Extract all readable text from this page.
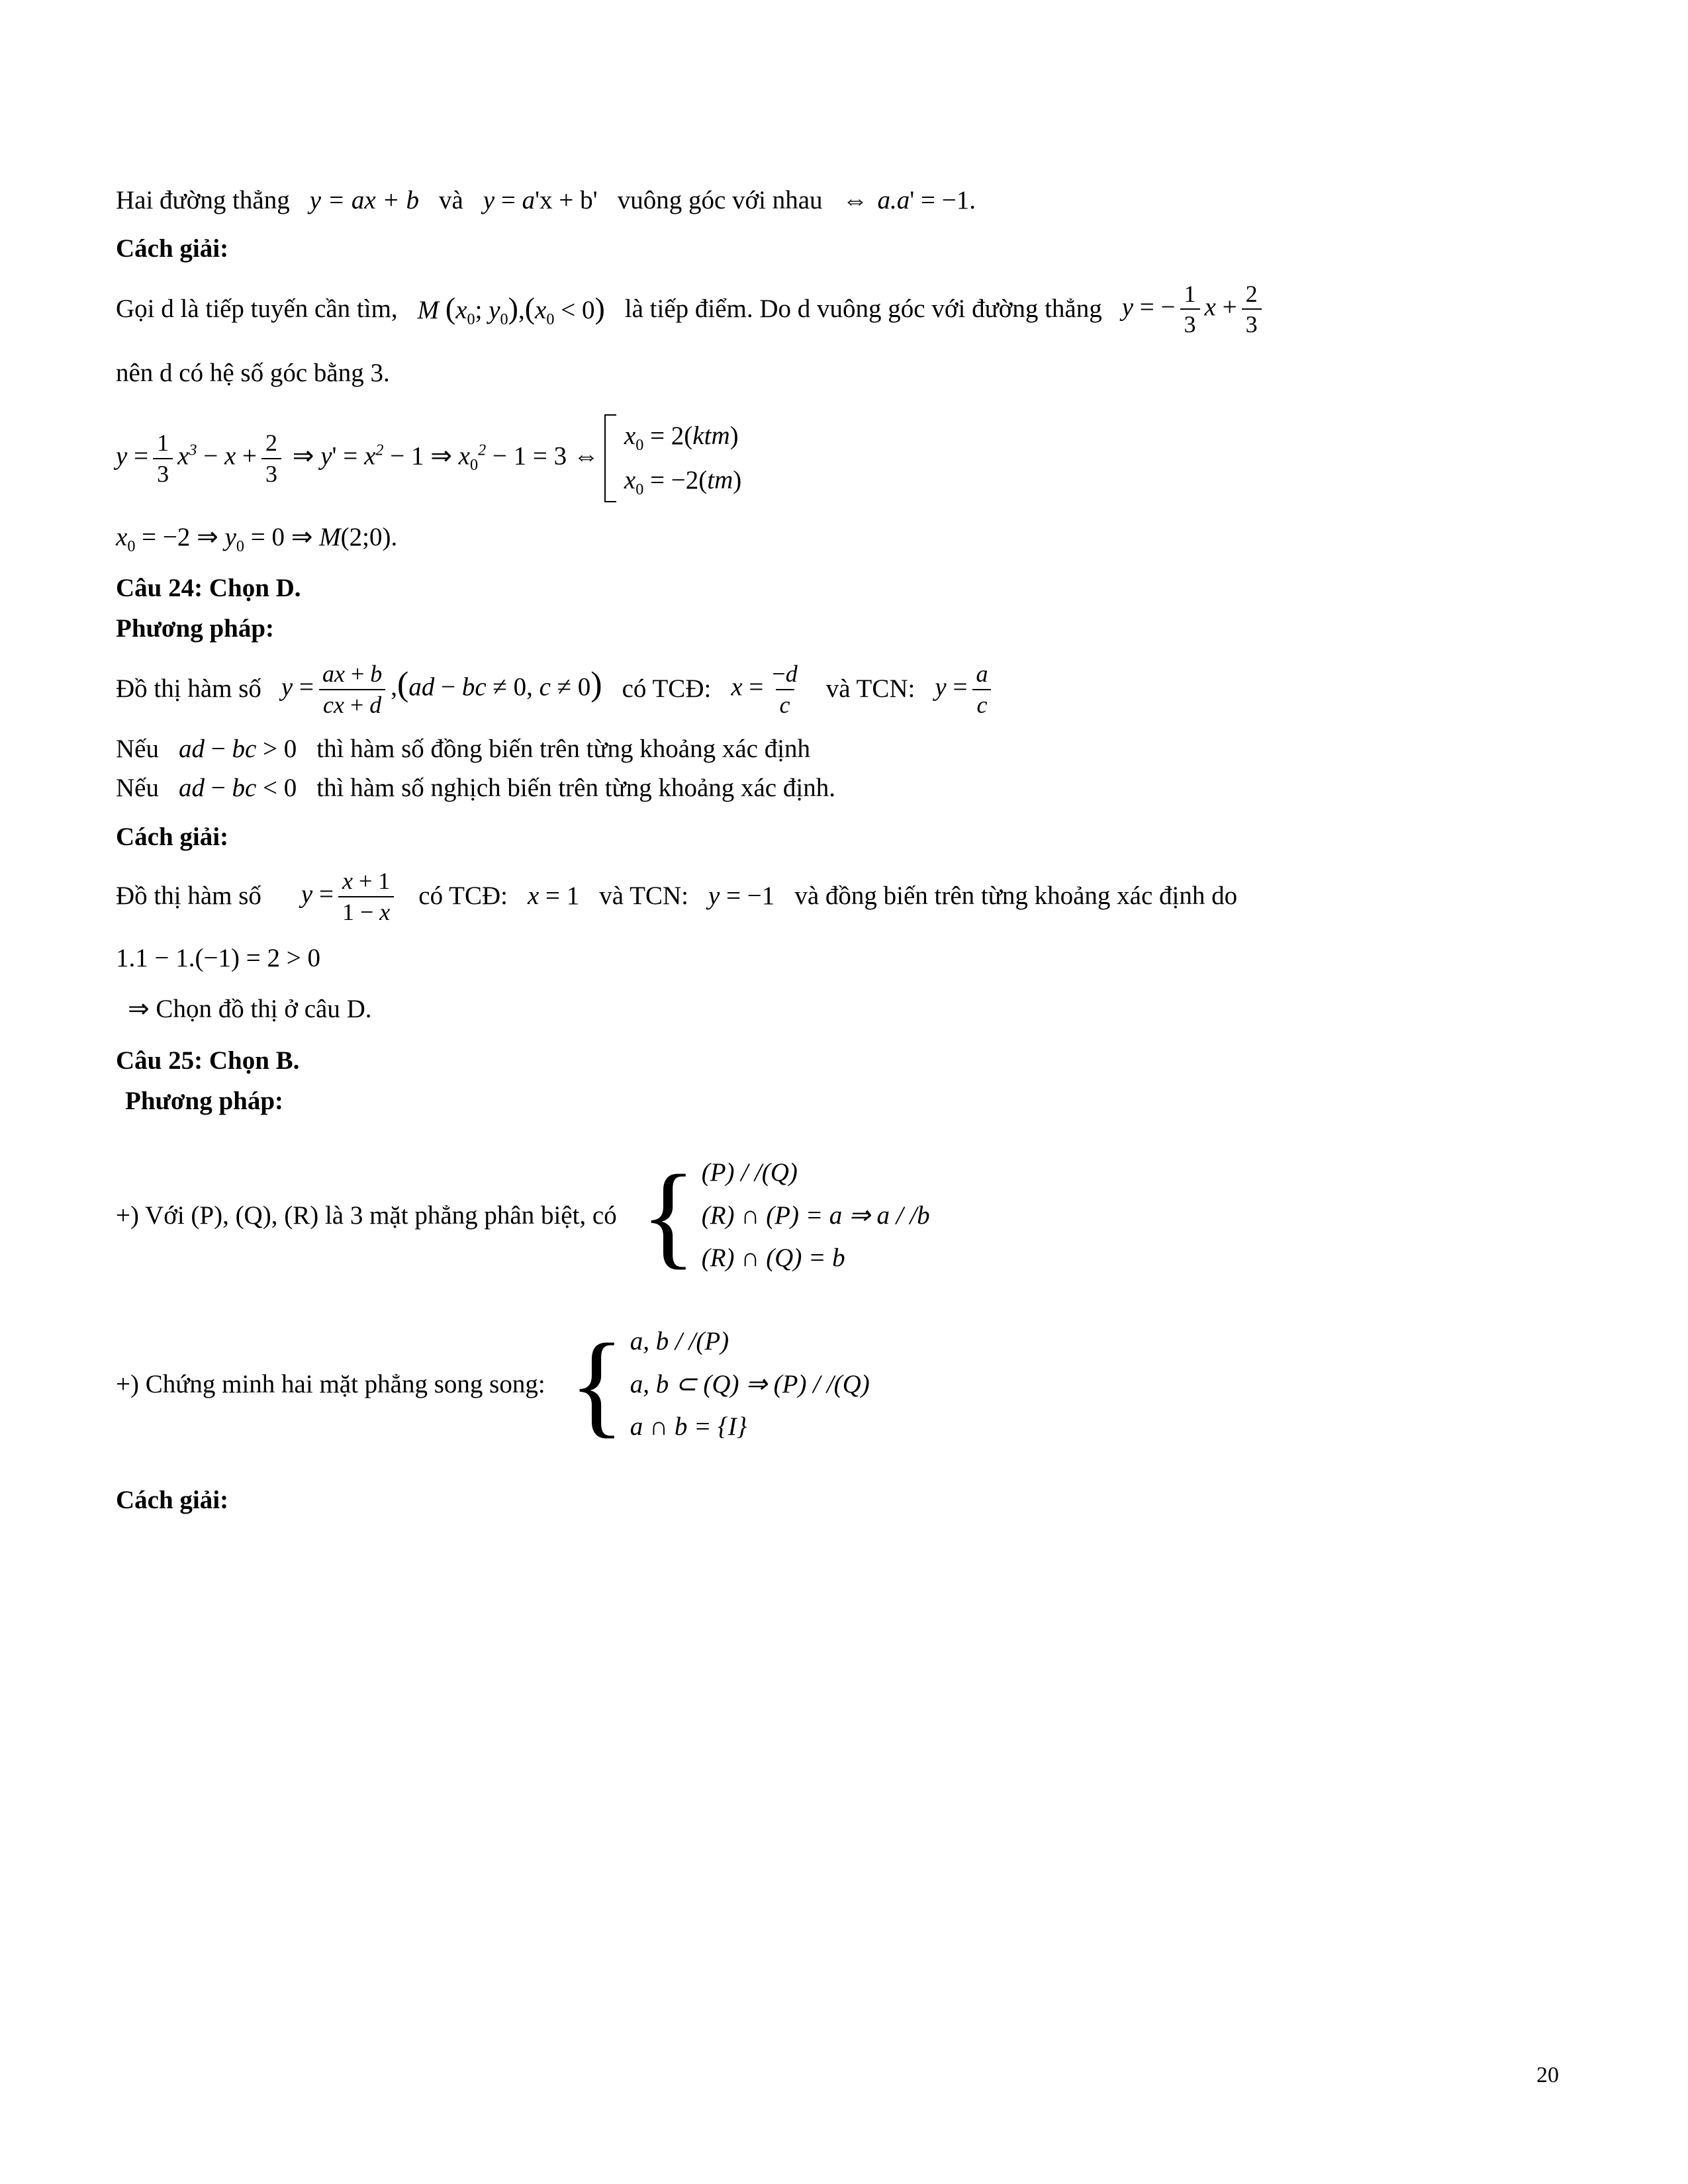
Hai đường thẳng y = ax + b và y = a'x + b' vuông góc với nhau ⇔ a.a' = −1.
Cách giải:
Gọi d là tiếp tuyến cần tìm, M ($x_0$; $y_0),(x_0 < 0)$ là tiếp điểm. Do d vuông góc với đường thẳng y = − $\frac{1}{3}$ $x + \frac{2}{3}$
nên d có hệ số góc bằng 3.
$y = \frac{1}{3} x^3 - x + \frac{2}{3}$ ⇒ $y' = x^2 - 1$ ⇒ $x_0^2 - 1 = 3$ ⇔
$x_0 = 2(ktm)$
$x_0 = -2(tm)$
$x_0 = -2$ ⇒ $y_0 = 0$ ⇒ M(2;0).
Câu 24: Chọn D.
Phương pháp:
Đồ thị hàm số $y = \frac{ax + b}{cx + d} ,(ad$ − bc ≠ 0, c ≠ 0) có TCĐ: $x = \frac{-d}{c}$ và TCN: $y = \frac{a}{c}$
Nếu ad − bc > 0 thì hàm số đồng biến trên từng khoảng xác định
Nếu ad − bc < 0 thì hàm số nghịch biến trên từng khoảng xác định.
Cách giải:
Đồ thị hàm số $y = \frac{x + 1}{1 - x}$ có TCĐ: x = 1 và TCN: y = −1 và đồng biến trên từng khoảng xác định do
1.1 − 1.(−1) = 2 > 0
⇒ Chọn đồ thị ở câu D.
Câu 25: Chọn B.
Phương pháp:
+) Với (P), (Q), (R) là 3 mặt phẳng phân biệt, có { (P) / /(Q)
(R) ∩ (P) = a ⇒ a / /b
(R) ∩ (Q) = b
+) Chứng minh hai mặt phẳng song song: { a, b / /(P)
a, b ⊂ (Q) ⇒ (P) / /(Q)
a ∩ b = {I}
Cách giải:
20
